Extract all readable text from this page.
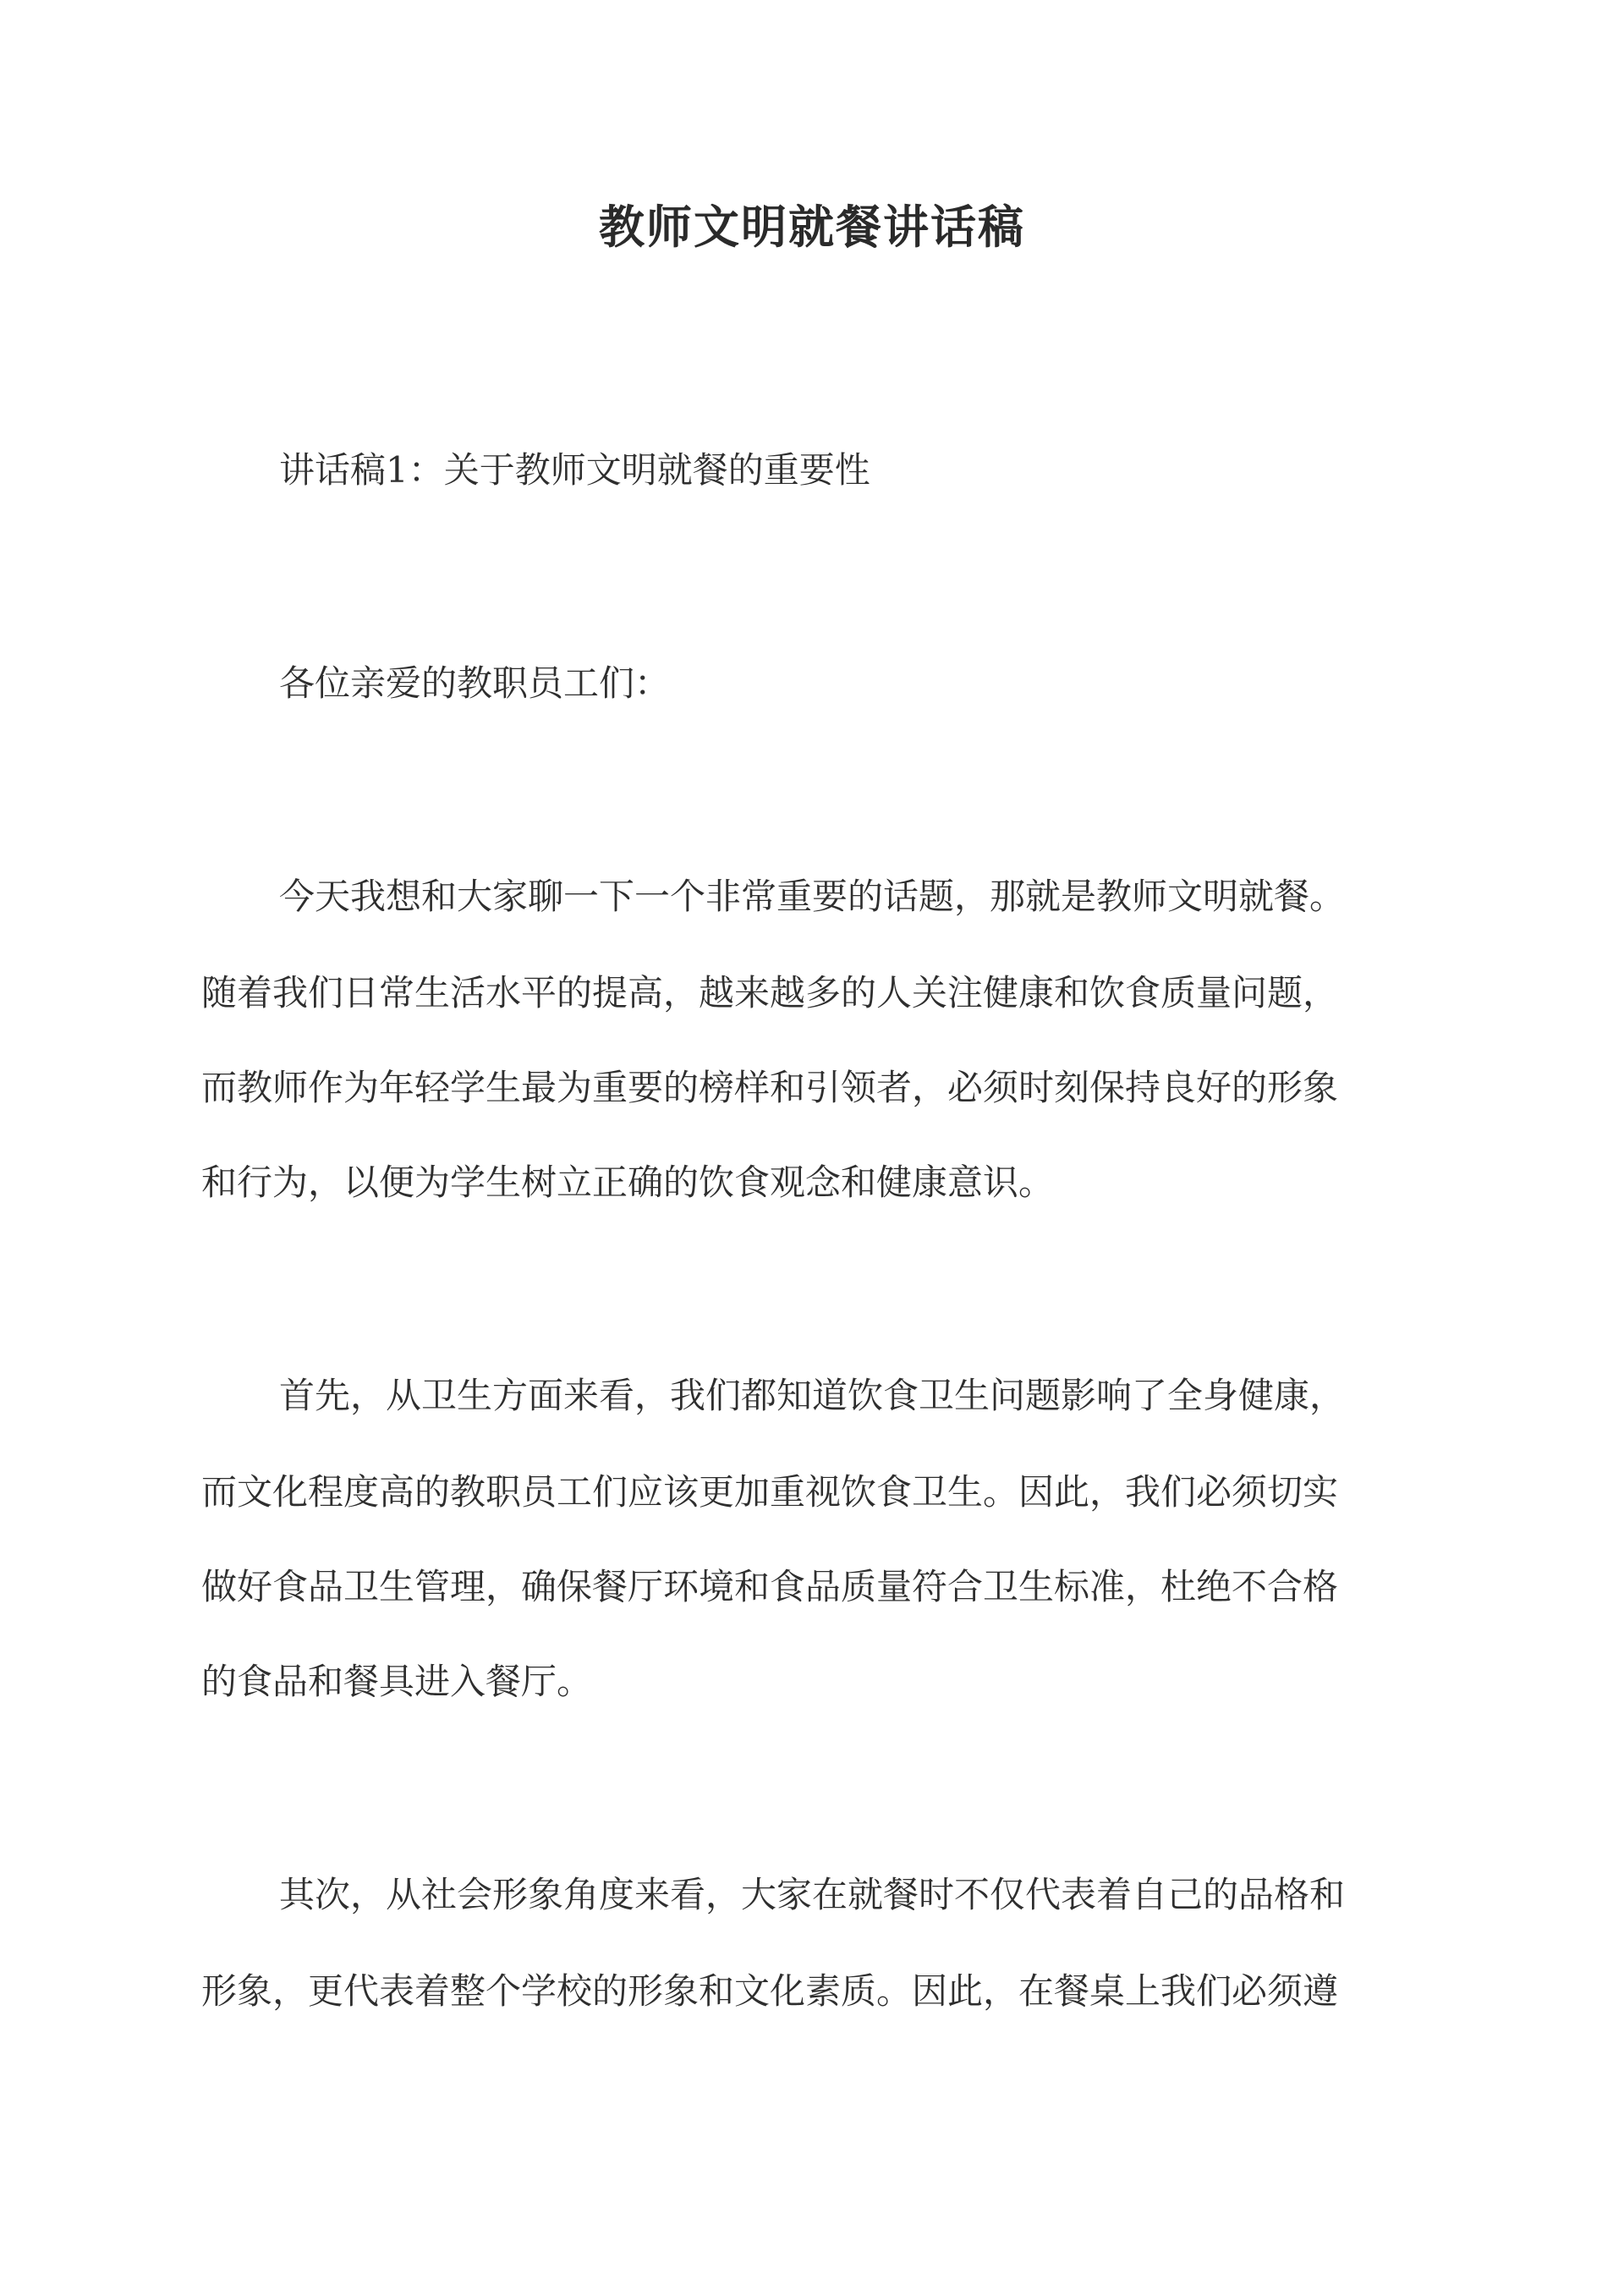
教师文明就餐讲话稿
讲话稿1：关于教师文明就餐的重要性
各位亲爱的教职员工们：
今天我想和大家聊一下一个非常重要的话题，那就是教师文明就餐。
随着我们日常生活水平的提高，越来越多的人关注健康和饮食质量问题，
而教师作为年轻学生最为重要的榜样和引领者，必须时刻保持良好的形象
和行为，以便为学生树立正确的饮食观念和健康意识。
首先，从卫生方面来看，我们都知道饮食卫生问题影响了全身健康，
而文化程度高的教职员工们应该更加重视饮食卫生。因此，我们必须切实
做好食品卫生管理，确保餐厅环境和食品质量符合卫生标准，杜绝不合格
的食品和餐具进入餐厅。
其次，从社会形象角度来看，大家在就餐时不仅代表着自己的品格和
形象，更代表着整个学校的形象和文化素质。因此，在餐桌上我们必须遵
